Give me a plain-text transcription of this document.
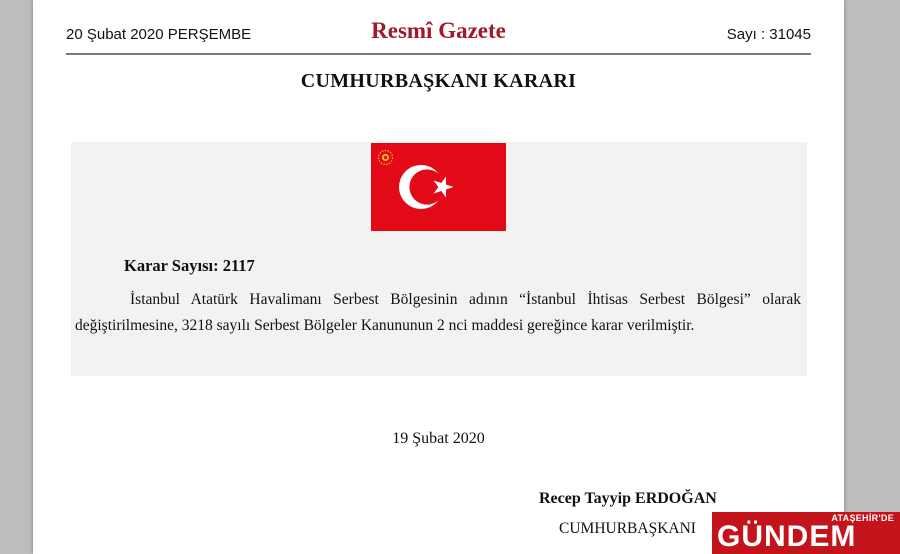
20 Şubat 2020 PERŞEMBE	Resmî Gazete	Sayı : 31045
CUMHURBAŞKANI KARARI
Karar Sayısı: 2117
İstanbul Atatürk Havalimanı Serbest Bölgesinin adının “İstanbul İhtisas Serbest Bölgesi” olarak değiştirilmesine, 3218 sayılı Serbest Bölgeler Kanununun 2 nci maddesi gereğince karar verilmiştir.
19 Şubat 2020
Recep Tayyip ERDOĞAN
CUMHURBAŞKANI
ATAŞEHİR'DE
GÜNDEM
